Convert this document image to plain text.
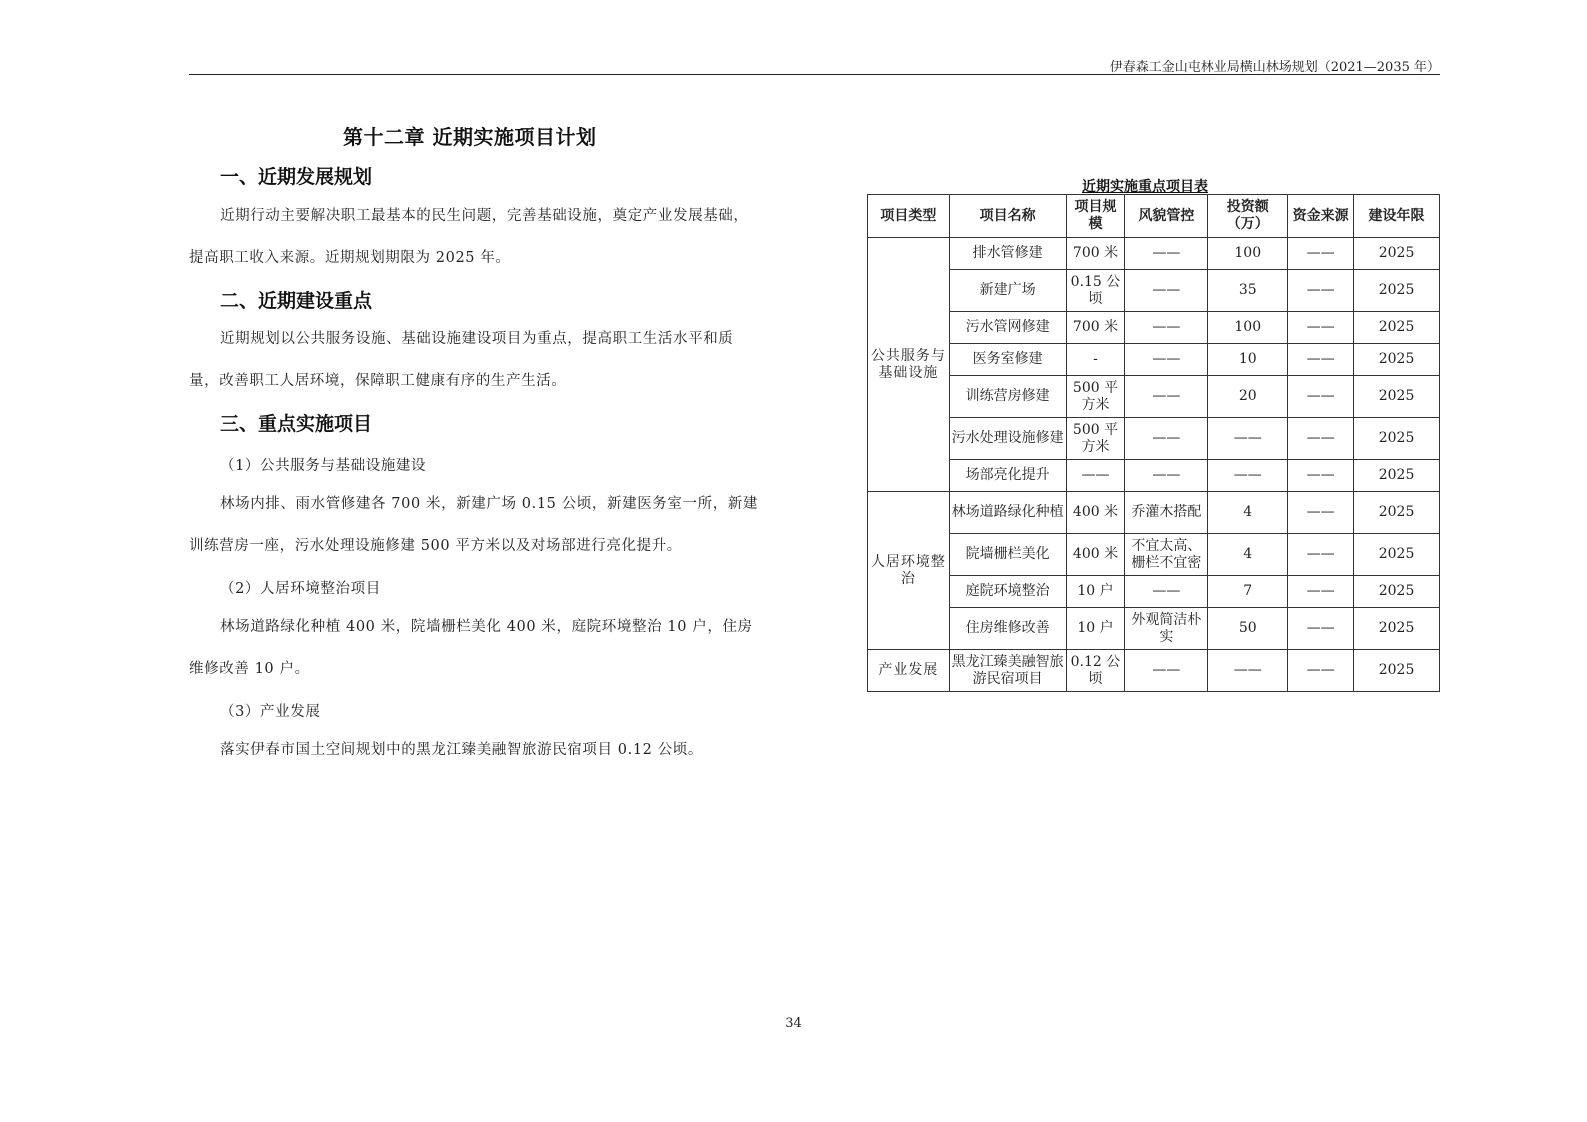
伊春森工金山屯林业局横山林场规划（2021—2035 年）
第十二章 近期实施项目计划
一、近期发展规划
近期行动主要解决职工最基本的民生问题，完善基础设施，奠定产业发展基础，提高职工收入来源。近期规划期限为 2025 年。
二、近期建设重点
近期规划以公共服务设施、基础设施建设项目为重点，提高职工生活水平和质量，改善职工人居环境，保障职工健康有序的生产生活。
三、重点实施项目
（1）公共服务与基础设施建设
林场内排、雨水管修建各 700 米，新建广场 0.15 公顷，新建医务室一所，新建训练营房一座，污水处理设施修建 500 平方米以及对场部进行亮化提升。
（2）人居环境整治项目
林场道路绿化种植 400 米，院墙栅栏美化 400 米，庭院环境整治 10 户，住房维修改善 10 户。
（3）产业发展
落实伊春市国土空间规划中的黑龙江臻美融智旅游民宿项目 0.12 公顷。
近期实施重点项目表
项目类型	项目名称	项目规模	风貌管控	投资额（万）	资金来源	建设年限
公共服务与基础设施	排水管修建	700 米	——	100	——	2025
	新建广场	0.15 公顷	——	35	——	2025
	污水管网修建	700 米	——	100	——	2025
	医务室修建	-	——	10	——	2025
	训练营房修建	500 平方米	——	20	——	2025
	污水处理设施修建	500 平方米	——	——	——	2025
	场部亮化提升	——	——	——	——	2025
人居环境整治	林场道路绿化种植	400 米	乔灌木搭配	4	——	2025
	院墙栅栏美化	400 米	不宜太高、栅栏不宜密	4	——	2025
	庭院环境整治	10 户	——	7	——	2025
	住房维修改善	10 户	外观简洁朴实	50	——	2025
产业发展	黑龙江臻美融智旅游民宿项目	0.12 公顷	——	——	——	2025
34
